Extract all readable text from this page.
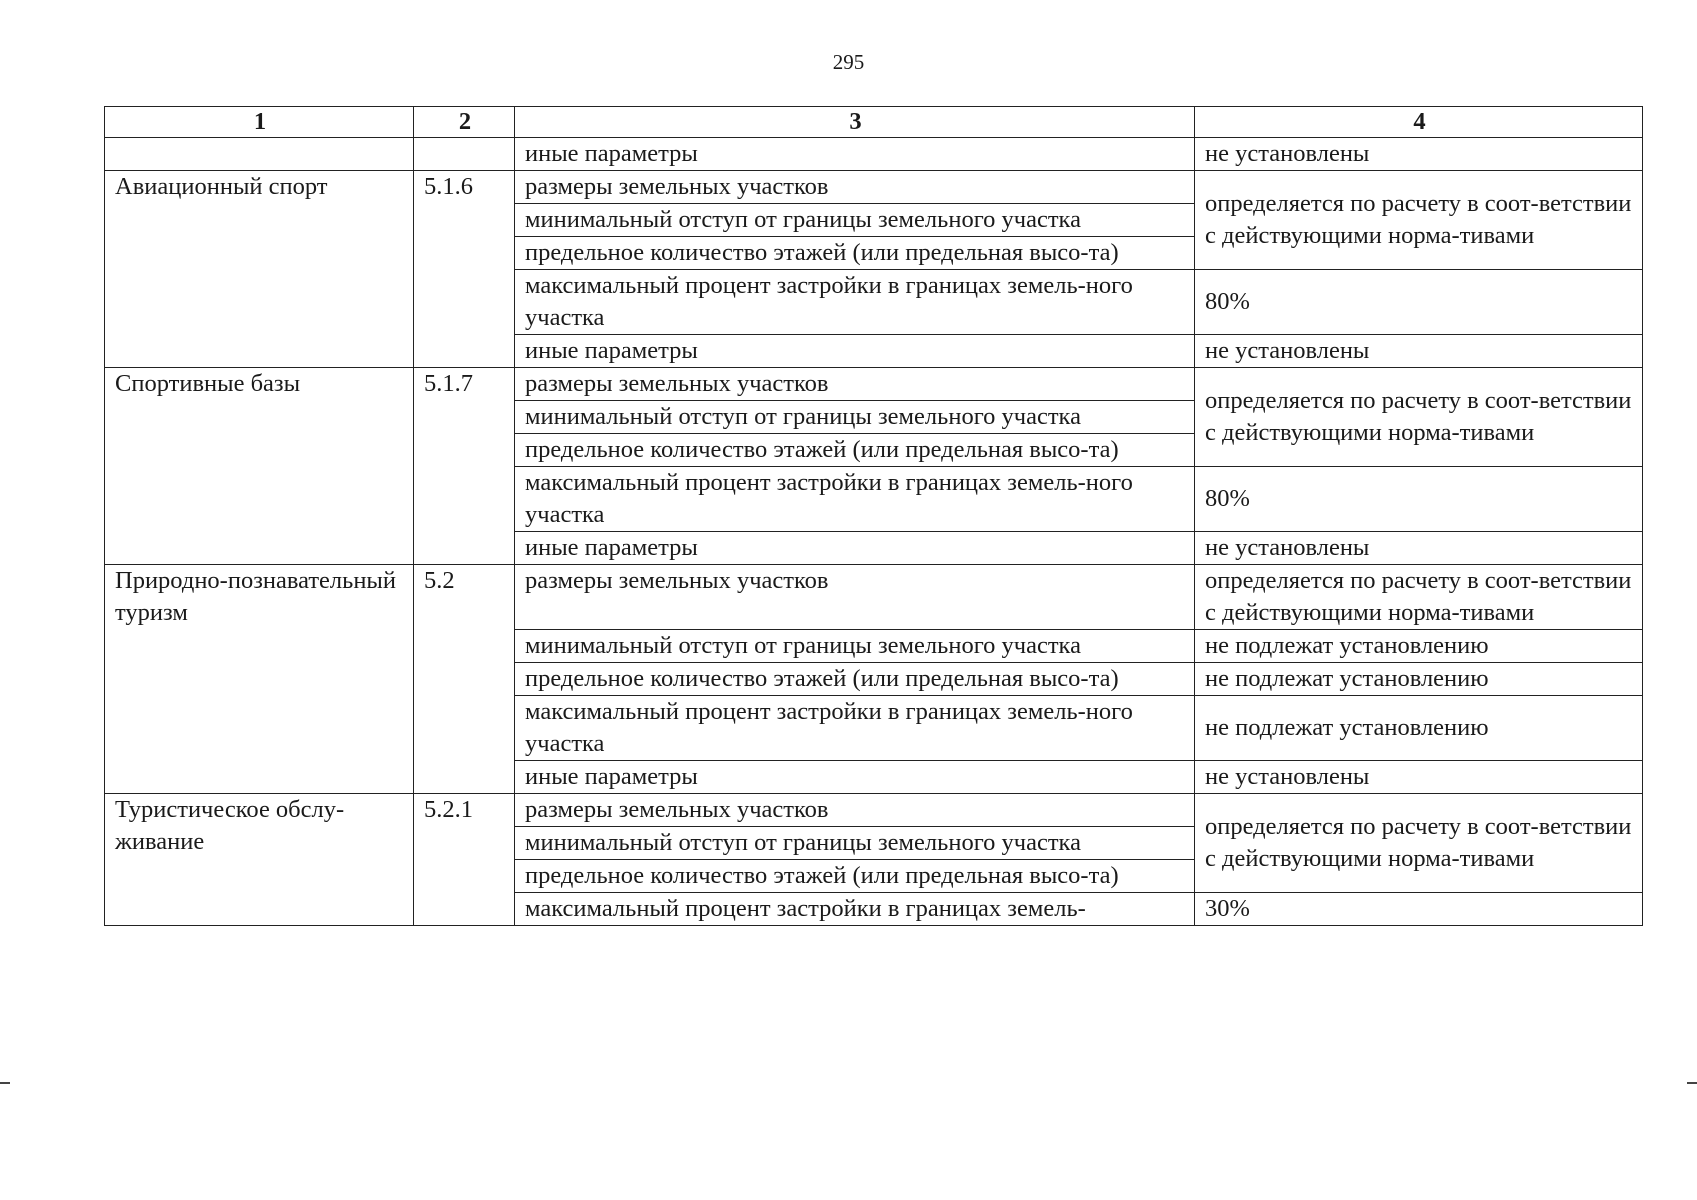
295
1	2	3	4
		иные параметры	не установлены
Авиационный спорт	5.1.6	размеры земельных участков	определяется по расчету в соот-ветствии с действующими норма-тивами
		минимальный отступ от границы земельного участка	
		предельное количество этажей (или предельная высо-та)	

		максимальный процент застройки в границах земель-ного участка	80%
		иные параметры	не установлены
Спортивные базы	5.1.7	размеры земельных участков	определяется по расчету в соот-ветствии с действующими норма-тивами
		минимальный отступ от границы земельного участка	
		предельное количество этажей (или предельная высо-та)	

		максимальный процент застройки в границах земель-ного участка	80%
		иные параметры	не установлены
Природно-познавательный туризм	5.2	размеры земельных участков	определяется по расчету в соот-ветствии с действующими норма-тивами
		минимальный отступ от границы земельного участка	не подлежат установлению
		предельное количество этажей (или предельная высо-та)	не подлежат установлению
		максимальный процент застройки в границах земель-ного участка	не подлежат установлению
		иные параметры	не установлены
Туристическое обслу-живание	5.2.1	размеры земельных участков	определяется по расчету в соот-ветствии с действующими норма-тивами
		минимальный отступ от границы земельного участка	
		предельное количество этажей (или предельная высо-та)	
		максимальный процент застройки в границах земель-	30%
